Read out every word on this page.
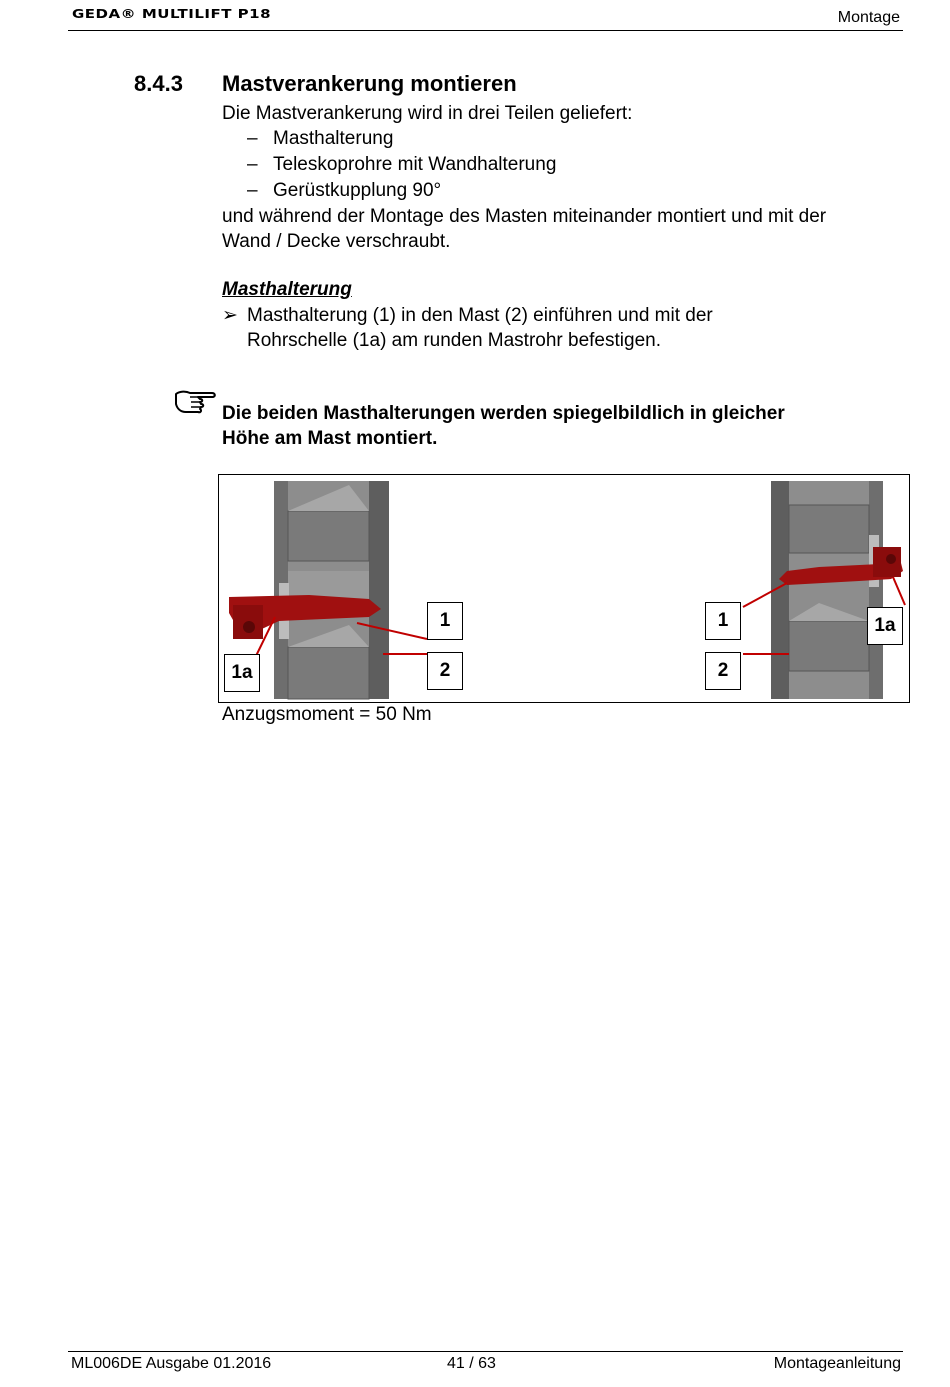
GEDA® MULTILIFT P18	Montage
8.4.3 Mastverankerung montieren
Die Mastverankerung wird in drei Teilen geliefert:
– Masthalterung
– Teleskoprohre mit Wandhalterung
– Gerüstkupplung 90°
und während der Montage des Masten miteinander montiert und mit der
Wand / Decke verschraubt.
Masthalterung
➢ Masthalterung (1) in den Mast (2) einführen und mit der
Rohrschelle (1a) am runden Mastrohr befestigen.
Die beiden Masthalterungen werden spiegelbildlich in gleicher
Höhe am Mast montiert.
1
2
1a
1
2
1a
Anzugsmoment = 50 Nm
ML006DE Ausgabe 01.2016	41 / 63	Montageanleitung
